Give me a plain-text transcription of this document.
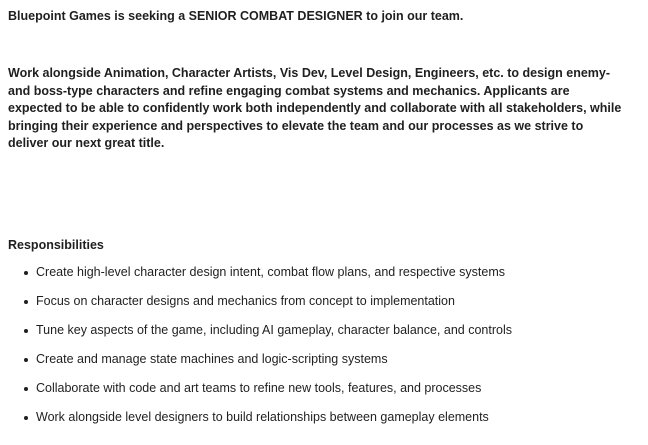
Bluepoint Games is seeking a SENIOR COMBAT DESIGNER to join our team.

Work alongside Animation, Character Artists, Vis Dev, Level Design, Engineers, etc. to design enemy- and boss-type characters and refine engaging combat systems and mechanics. Applicants are expected to be able to confidently work both independently and collaborate with all stakeholders, while bringing their experience and perspectives to elevate the team and our processes as we strive to deliver our next great title.

Responsibilities
Create high-level character design intent, combat flow plans, and respective systems
Focus on character designs and mechanics from concept to implementation
Tune key aspects of the game, including AI gameplay, character balance, and controls
Create and manage state machines and logic-scripting systems
Collaborate with code and art teams to refine new tools, features, and processes
Work alongside level designers to build relationships between gameplay elements
